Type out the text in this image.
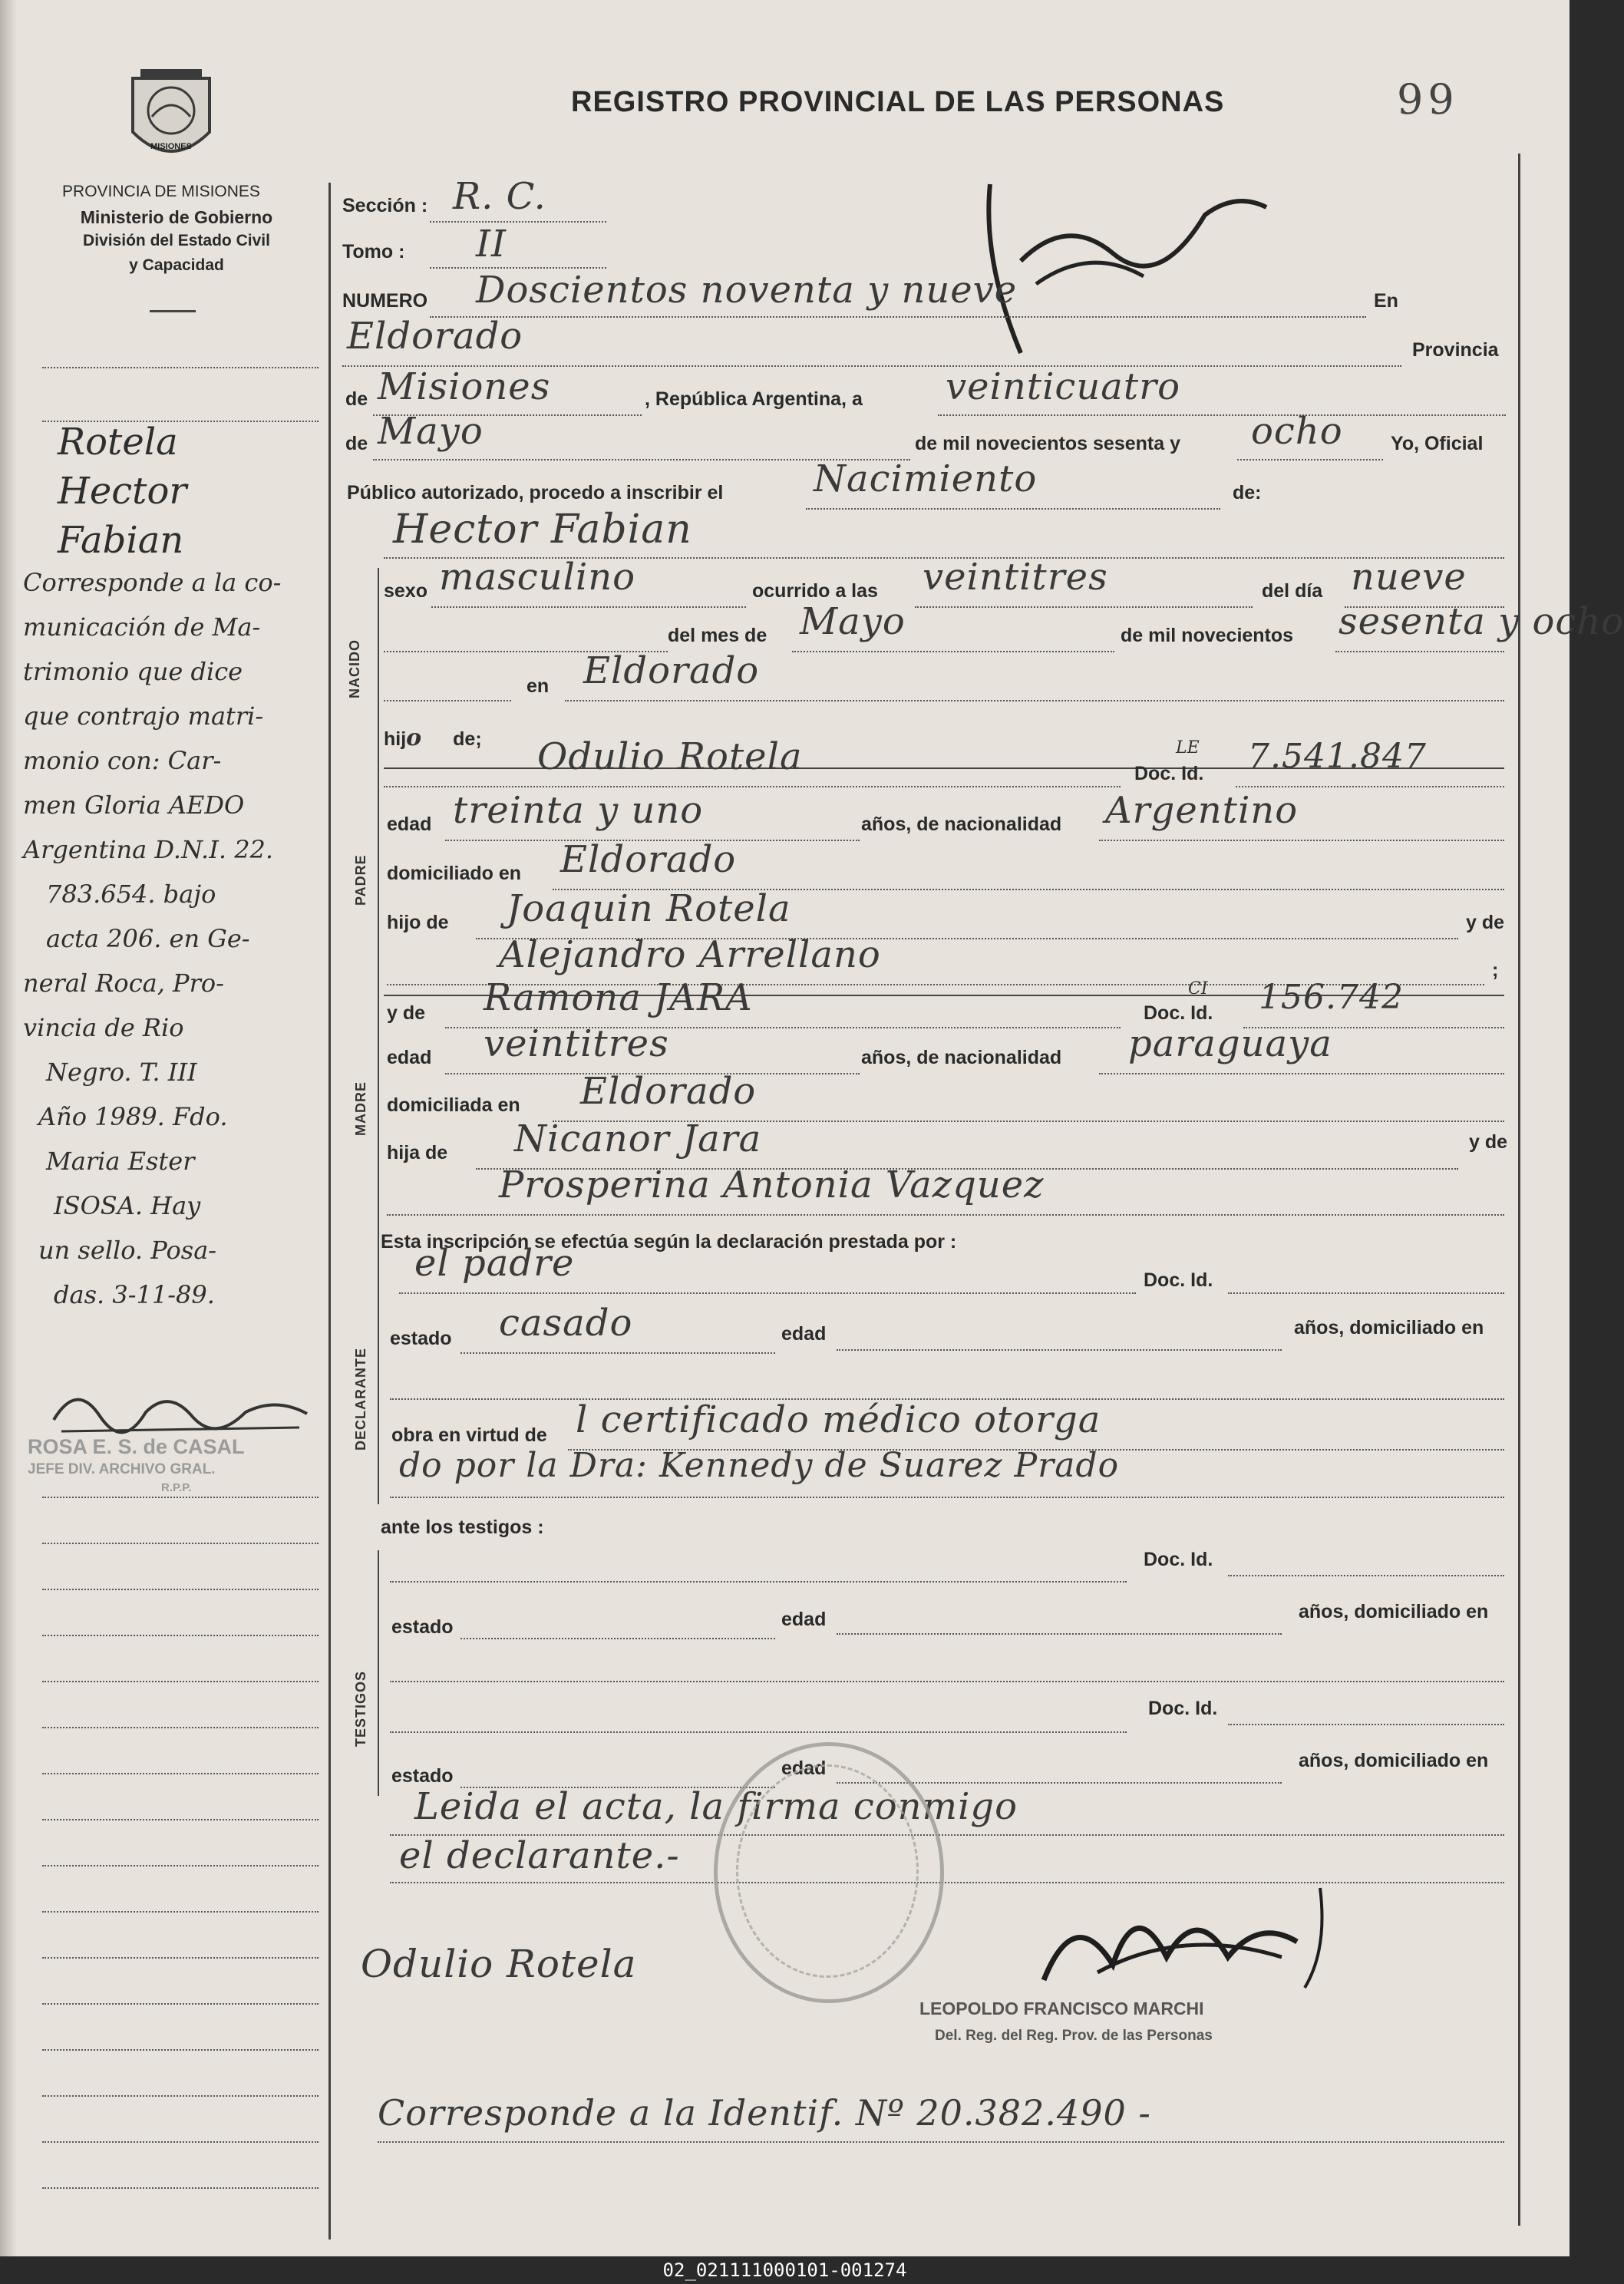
MISIONES
PROVINCIA DE MISIONES
Ministerio de Gobierno
División del Estado Civil
y Capacidad
REGISTRO PROVINCIAL DE LAS PERSONAS	99
Rotela
Hector
Fabian
Corresponde a la co-
municación de Ma-
trimonio que dice
que contrajo matri-
monio con: Car-
men Gloria AEDO
Argentina D.N.I. 22.
783.654. bajo
acta 206. en Ge-
neral Roca, Pro-
vincia de Rio
Negro. T. III
Año 1989. Fdo.
Maria Ester
ISOSA. Hay
un sello. Posa-
das. 3-11-89.
ROSA E. S. de CASAL
JEFE DIV. ARCHIVO GRAL.
R.P.P.
Sección : R. C.
Tomo : II
NUMERO Doscientos noventa y nueve	En
Eldorado	Provincia
de Misiones	, República Argentina, a veinticuatro
de Mayo	de mil novecientos sesenta y ocho Yo, Oficial
Público autorizado, procedo a inscribir el Nacimiento	de:
Hector Fabian
NACIDO
sexo masculino	ocurrido a las veintitres	del día nueve
del mes de Mayo	de mil novecientos sesenta y ocho
en Eldorado
hijo de; Odulio Rotela	Doc. Id.
LE 7.541.847
PADRE
edad treinta y uno	años, de nacionalidad Argentino
domiciliado en Eldorado
hijo de Joaquin Rotela	y de
Alejandro Arrellano	;
y de Ramona JARA	Doc. Id.
CI 156.742
MADRE
edad veintitres	años, de nacionalidad paraguaya
domiciliada en Eldorado
hija de Nicanor Jara	y de
Prosperina Antonia Vazquez
Esta inscripción se efectúa según la declaración prestada por :
el padre	Doc. Id.
DECLARANTE
estado casado	edad	años, domiciliado en
obra en virtud de l certificado médico otorga
do por la Dra: Kennedy de Suarez Prado
ante los testigos :
Doc. Id.
TESTIGOS
estado	edad	años, domiciliado en
Doc. Id.
estado	edad	años, domiciliado en
Leida el acta, la firma conmigo
el declarante.-
Odulio Rotela
LEOPOLDO FRANCISCO MARCHI
Del. Reg. del Reg. Prov. de las Personas
Corresponde a la Identif. Nº 20.382.490 -
02_021111000101-001274
